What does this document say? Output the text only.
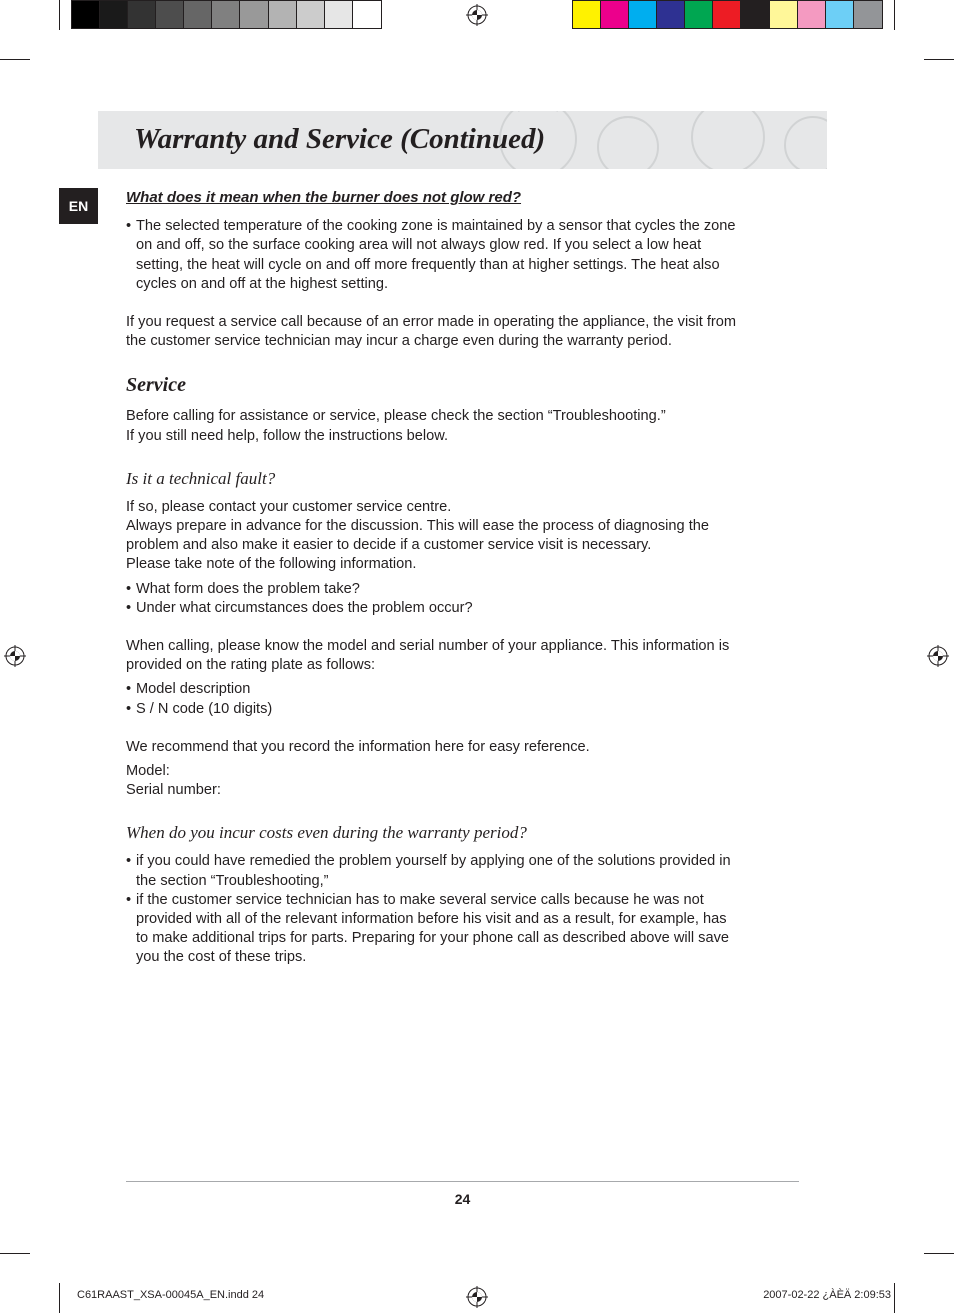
Warranty and Service (Continued)
EN	What does it mean when the burner does not glow red?

• The selected temperature of the cooking zone is maintained by a sensor that cycles the zone
on and off, so the surface cooking area will not always glow red. If you select a low heat
setting, the heat will cycle on and off more frequently than at higher settings. The heat also
cycles on and off at the highest setting.
If you request a service call because of an error made in operating the appliance, the visit from
the customer service technician may incur a charge even during the warranty period.

Service

Before calling for assistance or service, please check the section “Troubleshooting.”
If you still need help, follow the instructions below.

Is it a technical fault?

If so, please contact your customer service centre.
Always prepare in advance for the discussion. This will ease the process of diagnosing the
problem and also make it easier to decide if a customer service visit is necessary.
Please take note of the following information.
• What form does the problem take?
• Under what circumstances does the problem occur?
When calling, please know the model and serial number of your appliance. This information is
provided on the rating plate as follows:
• Model description
• S / N code (10 digits)
We recommend that you record the information here for easy reference.
Model:
Serial number:

When do you incur costs even during the warranty period?

• if you could have remedied the problem yourself by applying one of the solutions provided in
the section “Troubleshooting,”
• if the customer service technician has to make several service calls because he was not
provided with all of the relevant information before his visit and as a result, for example, has
to make additional trips for parts. Preparing for your phone call as described above will save
you the cost of these trips.
24
C61RAAST_XSA-00045A_EN.indd 24	2007-02-22 ¿ÀÈÄ 2:09:53
